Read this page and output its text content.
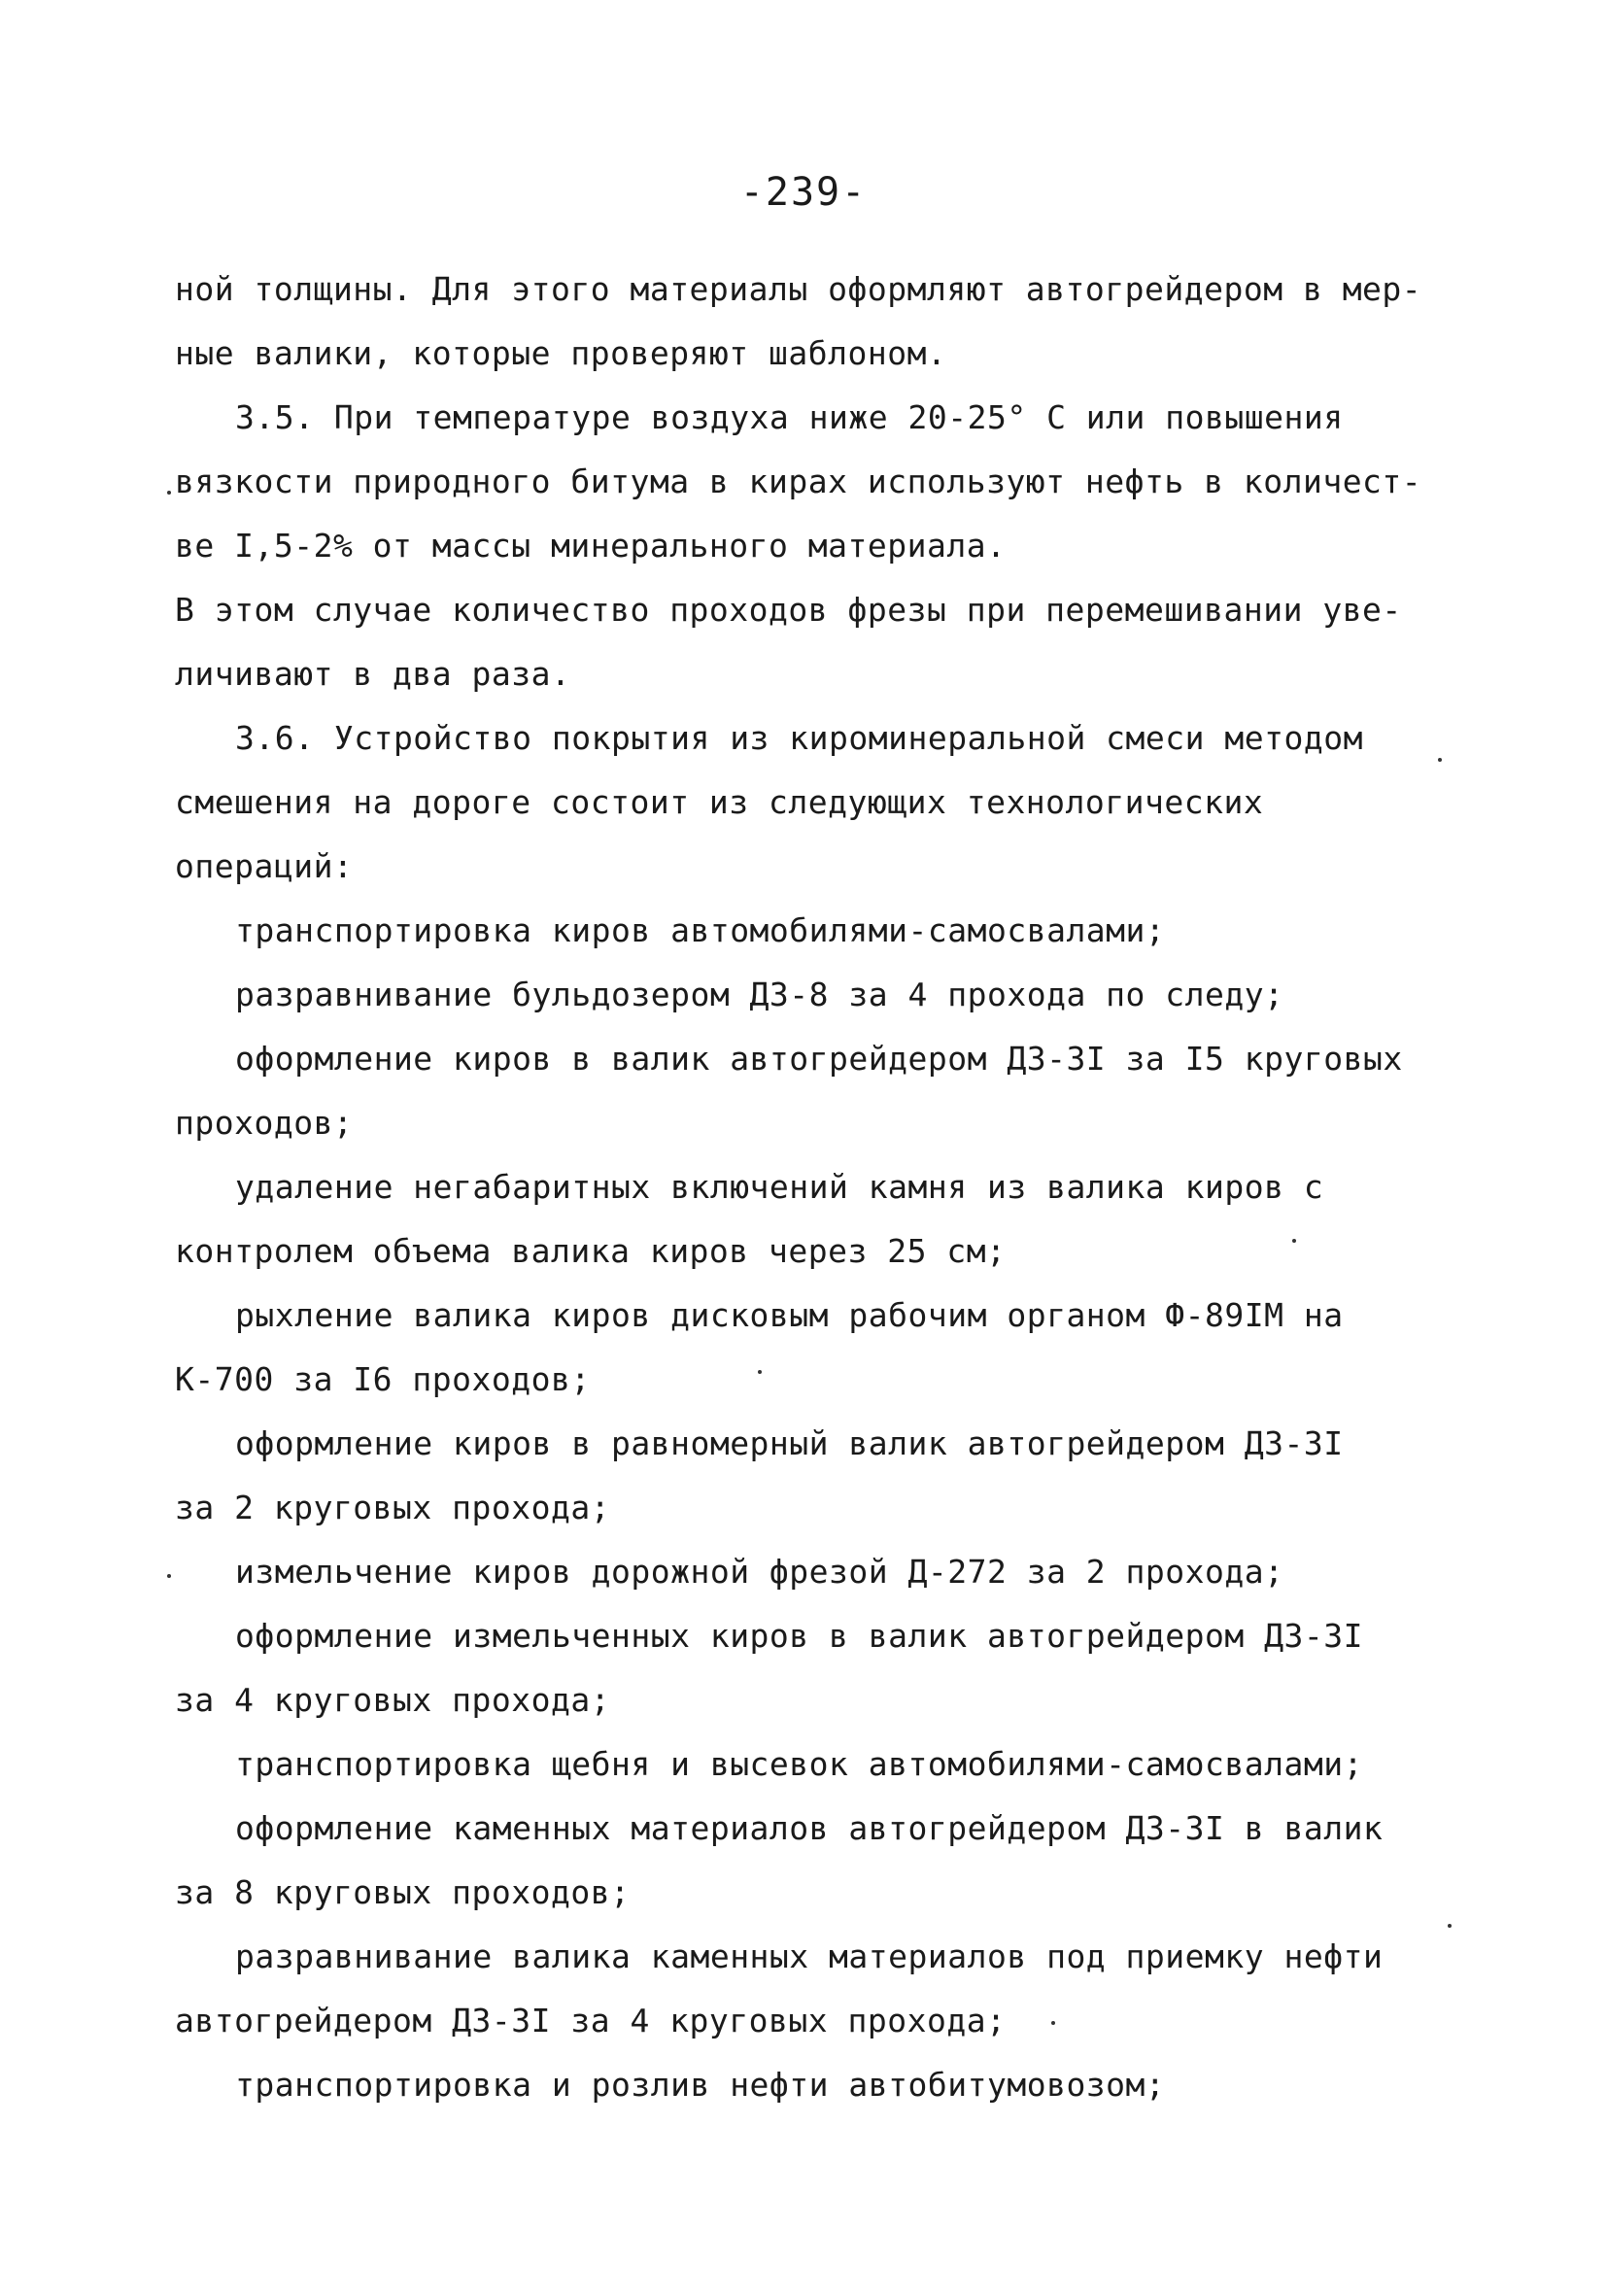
-239-
ной толщины. Для этого материалы оформляют автогрейдером в мер-
ные валики, которые проверяют шаблоном.
3.5. При температуре воздуха ниже 20-25° С или повышения
вязкости природного битума в кирах используют нефть в количест-
ве I,5-2% от массы минерального материала.
В этом случае количество проходов фрезы при перемешивании уве-
личивают в два раза.
3.6. Устройство покрытия из кироминеральной смеси методом
смешения на дороге состоит из следующих технологических
операций:
транспортировка киров автомобилями-самосвалами;
разравнивание бульдозером ДЗ-8 за 4 прохода по следу;
оформление киров в валик автогрейдером ДЗ-3I за I5 круговых
проходов;
удаление негабаритных включений камня из валика киров с
контролем объема валика киров через 25 см;
рыхление валика киров дисковым рабочим органом Ф-89IМ на
К-700 за I6 проходов;
оформление киров в равномерный валик автогрейдером ДЗ-3I
за 2 круговых прохода;
измельчение киров дорожной фрезой Д-272 за 2 прохода;
оформление измельченных киров в валик автогрейдером ДЗ-3I
за 4 круговых прохода;
транспортировка щебня и высевок автомобилями-самосвалами;
оформление каменных материалов автогрейдером ДЗ-3I в валик
за 8 круговых проходов;
разравнивание валика каменных материалов под приемку нефти
автогрейдером ДЗ-3I за 4 круговых прохода;
транспортировка и розлив нефти автобитумовозом;
